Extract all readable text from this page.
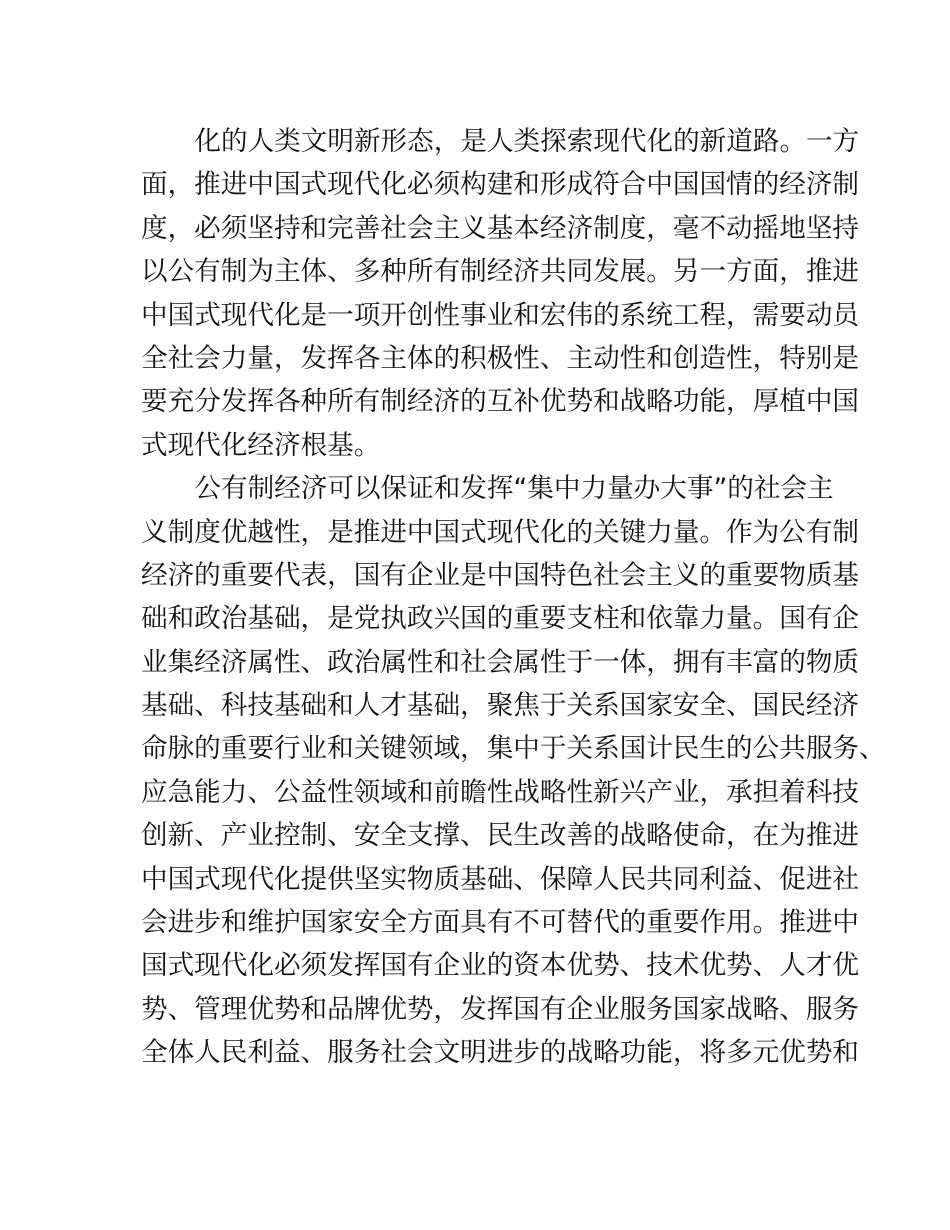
化的人类文明新形态，是人类探索现代化的新道路。一方
面，推进中国式现代化必须构建和形成符合中国国情的经济制
度，必须坚持和完善社会主义基本经济制度，毫不动摇地坚持
以公有制为主体、多种所有制经济共同发展。另一方面，推进
中国式现代化是一项开创性事业和宏伟的系统工程，需要动员
全社会力量，发挥各主体的积极性、主动性和创造性，特别是
要充分发挥各种所有制经济的互补优势和战略功能，厚植中国
式现代化经济根基。
公有制经济可以保证和发挥“集中力量办大事”的社会主
义制度优越性，是推进中国式现代化的关键力量。作为公有制
经济的重要代表，国有企业是中国特色社会主义的重要物质基
础和政治基础，是党执政兴国的重要支柱和依靠力量。国有企
业集经济属性、政治属性和社会属性于一体，拥有丰富的物质
基础、科技基础和人才基础，聚焦于关系国家安全、国民经济
命脉的重要行业和关键领域，集中于关系国计民生的公共服务、
应急能力、公益性领域和前瞻性战略性新兴产业，承担着科技
创新、产业控制、安全支撑、民生改善的战略使命，在为推进
中国式现代化提供坚实物质基础、保障人民共同利益、促进社
会进步和维护国家安全方面具有不可替代的重要作用。推进中
国式现代化必须发挥国有企业的资本优势、技术优势、人才优
势、管理优势和品牌优势，发挥国有企业服务国家战略、服务
全体人民利益、服务社会文明进步的战略功能，将多元优势和
